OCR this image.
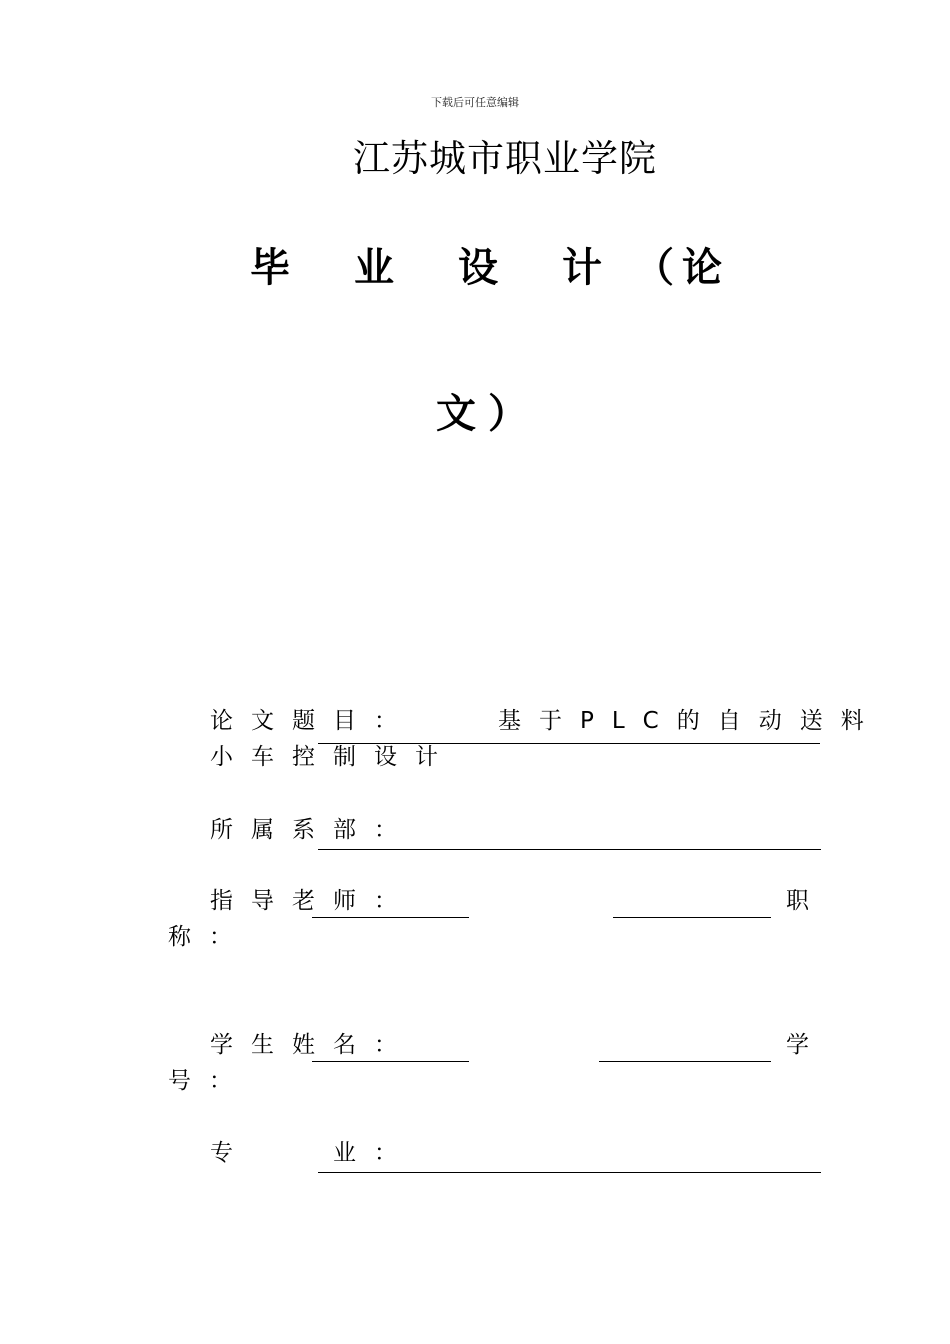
下载后可任意编辑
江苏城市职业学院
毕 业 设 计 （ 论
文 ）
论文题目：	基于PLC的自动送料
小车控制设计
所属系部：
指导老师：	职
称：
学生姓名：	学
号：
专	业：
